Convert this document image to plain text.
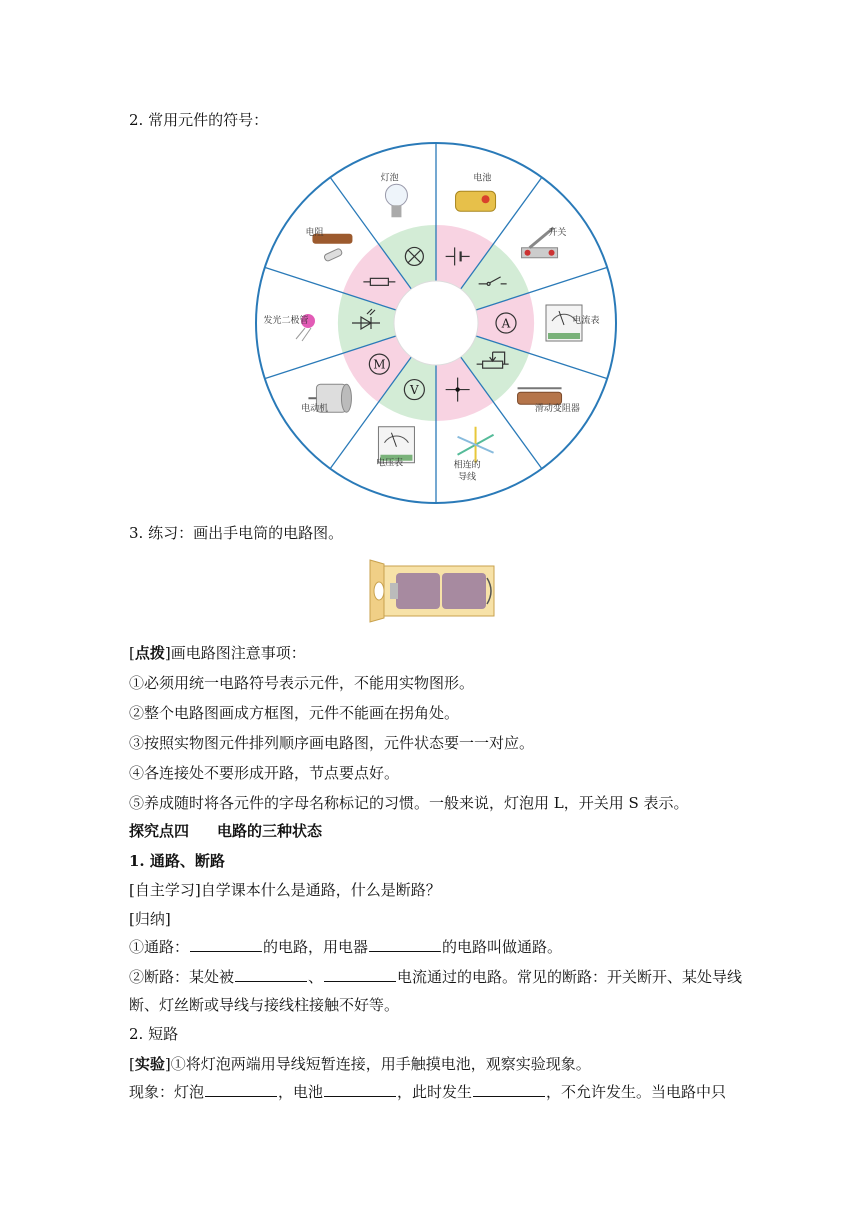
2. 常用元件的符号：
A
V
M
电池
开关
电流表
滑动变阻器
相连的导线
电压表
电动机
发光二极管
电阻
灯泡
3. 练习：画出手电筒的电路图。
[点拨]画电路图注意事项：
①必须用统一电路符号表示元件，不能用实物图形。
②整个电路图画成方框图，元件不能画在拐角处。
③按照实物图元件排列顺序画电路图，元件状态要一一对应。
④各连接处不要形成开路，节点要点好。
⑤养成随时将各元件的字母名称标记的习惯。一般来说，灯泡用 L，开关用 S 表示。
探究点四 电路的三种状态
1. 通路、断路
[自主学习]自学课本什么是通路，什么是断路？
[归纳]
①通路：	的电路，用电器	的电路叫做通路。
②断路：某处被	、	电流通过的电路。常见的断路：开关断开、某处导线
断、灯丝断或导线与接线柱接触不好等。
2. 短路
[实验]①将灯泡两端用导线短暂连接，用手触摸电池，观察实验现象。
现象：灯泡	，电池	，此时发生	，不允许发生。当电路中只
